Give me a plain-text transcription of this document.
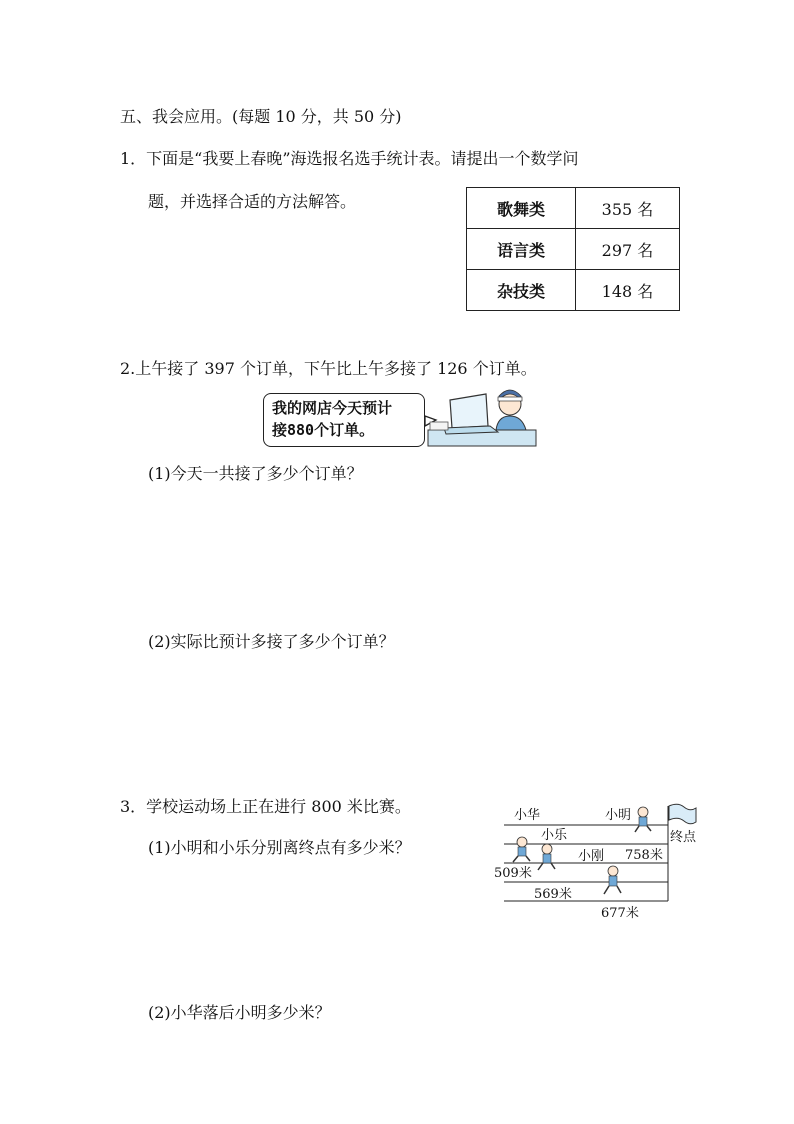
五、我会应用。(每题 10 分，共 50 分)
1．下面是“我要上春晚”海选报名选手统计表。请提出一个数学问
题，并选择合适的方法解答。	歌舞类	355 名
语言类	297 名
杂技类	148 名
2.上午接了 397 个订单，下午比上午多接了 126 个订单。
我的网店今天预计
接880个订单。
(1)今天一共接了多少个订单？
(2)实际比预计多接了多少个订单？
3．学校运动场上正在进行 800 米比赛。
(1)小明和小乐分别离终点有多少米？
(2)小华落后小明多少米？
小华	小明
小乐
小刚 758米
509米
569米
677米
终点
